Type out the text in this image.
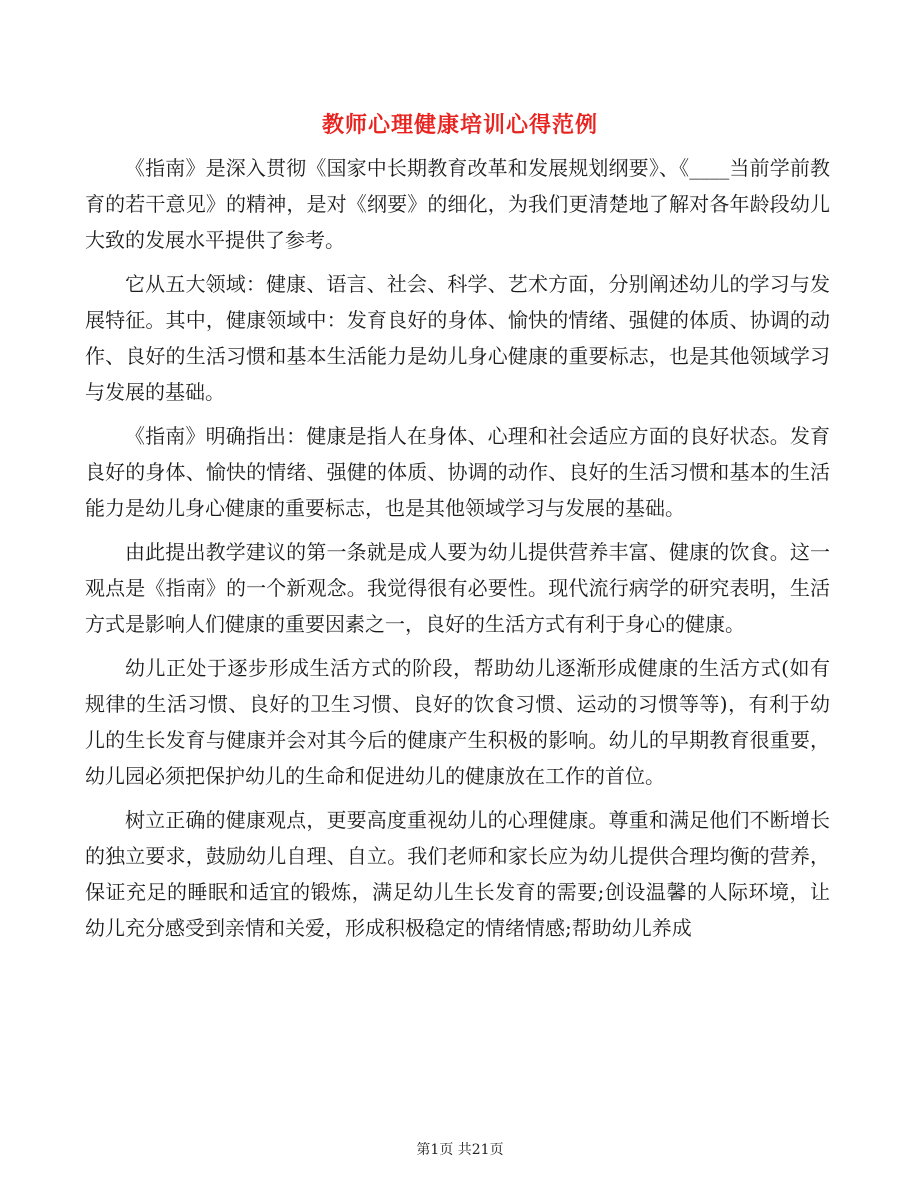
教师心理健康培训心得范例

《指南》是深入贯彻《国家中长期教育改革和发展规划纲要》、《____当前学前教育的若干意见》的精神，是对《纲要》的细化，为我们更清楚地了解对各年龄段幼儿大致的发展水平提供了参考。

它从五大领域：健康、语言、社会、科学、艺术方面，分别阐述幼儿的学习与发展特征。其中，健康领域中：发育良好的身体、愉快的情绪、强健的体质、协调的动作、良好的生活习惯和基本生活能力是幼儿身心健康的重要标志，也是其他领域学习与发展的基础。

《指南》明确指出：健康是指人在身体、心理和社会适应方面的良好状态。发育良好的身体、愉快的情绪、强健的体质、协调的动作、良好的生活习惯和基本的生活能力是幼儿身心健康的重要标志，也是其他领域学习与发展的基础。

由此提出教学建议的第一条就是成人要为幼儿提供营养丰富、健康的饮食。这一观点是《指南》的一个新观念。我觉得很有必要性。现代流行病学的研究表明，生活方式是影响人们健康的重要因素之一，良好的生活方式有利于身心的健康。

幼儿正处于逐步形成生活方式的阶段，帮助幼儿逐渐形成健康的生活方式(如有规律的生活习惯、良好的卫生习惯、良好的饮食习惯、运动的习惯等等)，有利于幼儿的生长发育与健康并会对其今后的健康产生积极的影响。幼儿的早期教育很重要，幼儿园必须把保护幼儿的生命和促进幼儿的健康放在工作的首位。

树立正确的健康观点，更要高度重视幼儿的心理健康。尊重和满足他们不断增长的独立要求，鼓励幼儿自理、自立。我们老师和家长应为幼儿提供合理均衡的营养，保证充足的睡眠和适宜的锻炼，满足幼儿生长发育的需要;创设温馨的人际环境，让幼儿充分感受到亲情和关爱，形成积极稳定的情绪情感;帮助幼儿养成

第1页 共21页
